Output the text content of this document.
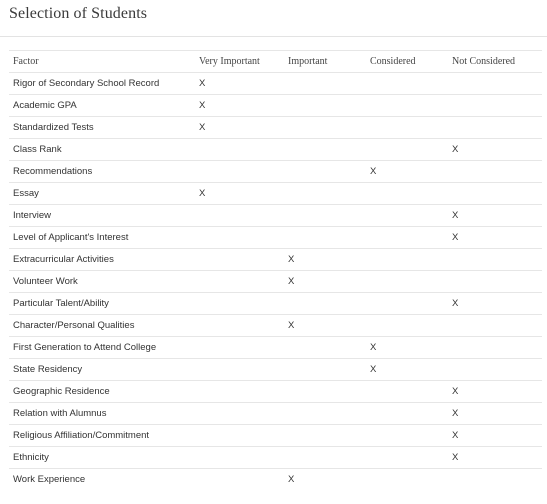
Selection of Students
Factor	Very Important	Important	Considered	Not Considered
Rigor of Secondary School Record	X			
Academic GPA	X			
Standardized Tests	X			
Class Rank				X
Recommendations			X	
Essay	X			
Interview				X
Level of Applicant's Interest				X
Extracurricular Activities		X		
Volunteer Work		X		
Particular Talent/Ability				X
Character/Personal Qualities		X		
First Generation to Attend College			X	
State Residency			X	
Geographic Residence				X
Relation with Alumnus				X
Religious Affiliation/Commitment				X
Ethnicity				X
Work Experience		X		
